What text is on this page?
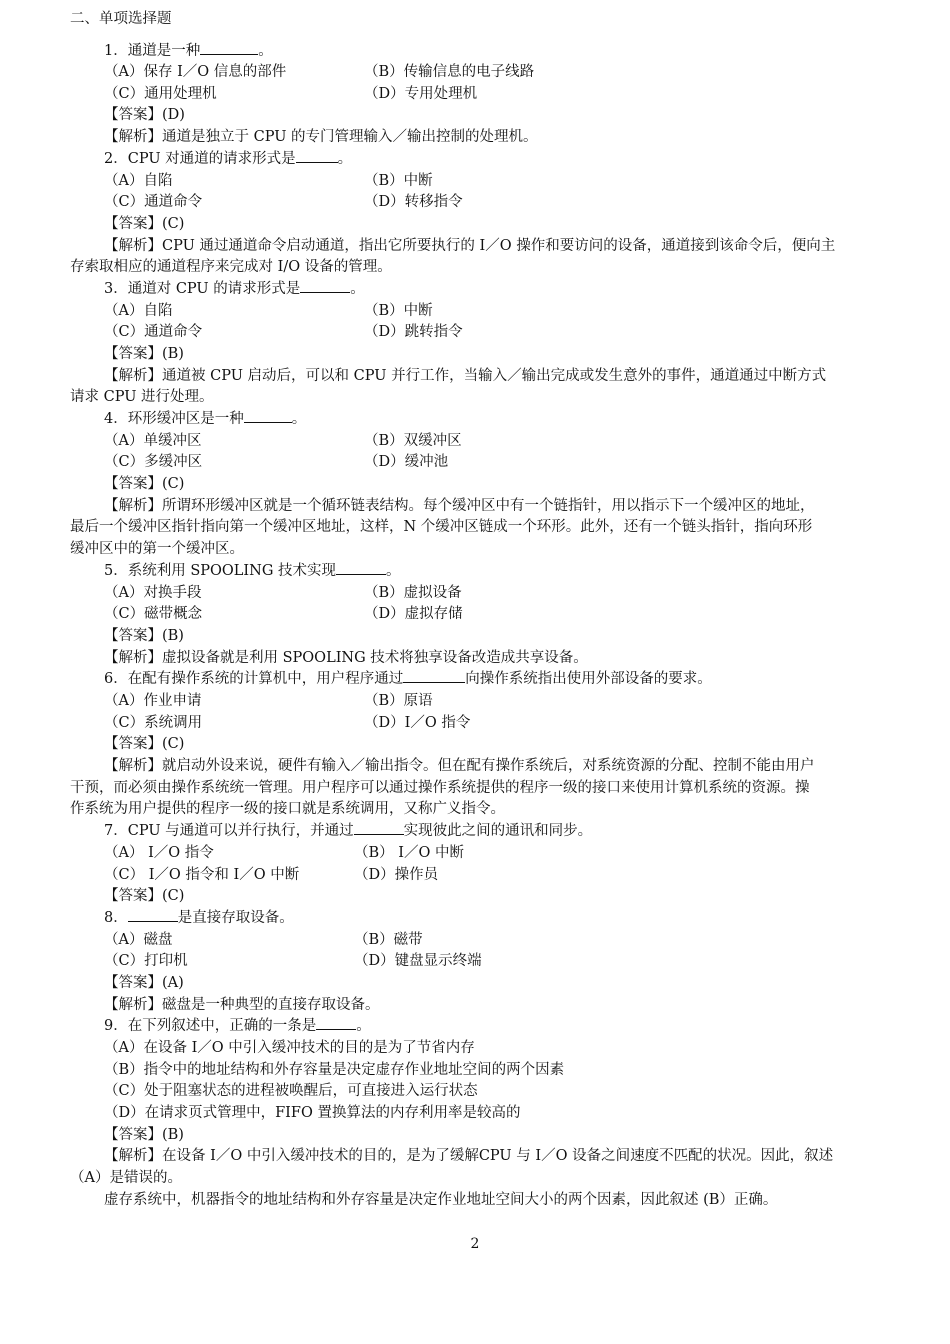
二、单项选择题
1．通道是一种	。
（A）保存 I／O 信息的部件	（B）传输信息的电子线路
（C）通用处理机	（D）专用处理机
【答案】(D)
【解析】通道是独立于 CPU 的专门管理输入／输出控制的处理机。
2．CPU 对通道的请求形式是	。
（A）自陷	（B）中断
（C）通道命令	（D）转移指令
【答案】(C)
【解析】CPU 通过通道命令启动通道，指出它所要执行的 I／O 操作和要访问的设备，通道接到该命令后，便向主
存索取相应的通道程序来完成对 I/O 设备的管理。
3．通道对 CPU 的请求形式是	。
（A）自陷	（B）中断
（C）通道命令	（D）跳转指令
【答案】(B)
【解析】通道被 CPU 启动后，可以和 CPU 并行工作，当输入／输出完成或发生意外的事件，通道通过中断方式
请求 CPU 进行处理。
4．环形缓冲区是一种	。
（A）单缓冲区	（B）双缓冲区
（C）多缓冲区	（D）缓冲池
【答案】(C)
【解析】所谓环形缓冲区就是一个循环链表结构。每个缓冲区中有一个链指针，用以指示下一个缓冲区的地址，
最后一个缓冲区指针指向第一个缓冲区地址，这样，N 个缓冲区链成一个环形。此外，还有一个链头指针，指向环形
缓冲区中的第一个缓冲区。
5．系统利用 SPOOLING 技术实现	。
（A）对换手段	（B）虚拟设备
（C）磁带概念	（D）虚拟存储
【答案】(B)
【解析】虚拟设备就是利用 SPOOLING 技术将独享设备改造成共享设备。
6．在配有操作系统的计算机中，用户程序通过	向操作系统指出使用外部设备的要求。
（A）作业申请	（B）原语
（C）系统调用	（D）I／O 指令
【答案】(C)
【解析】就启动外设来说，硬件有输入／输出指令。但在配有操作系统后，对系统资源的分配、控制不能由用户
干预，而必须由操作系统统一管理。用户程序可以通过操作系统提供的程序一级的接口来使用计算机系统的资源。操
作系统为用户提供的程序一级的接口就是系统调用，又称广义指令。
7．CPU 与通道可以并行执行，并通过	实现彼此之间的通讯和同步。
（A） I／O 指令	（B） I／O 中断
（C） I／O 指令和 I／O 中断	（D）操作员
【答案】(C)
8．	是直接存取设备。
（A）磁盘	（B）磁带
（C）打印机	（D）键盘显示终端
【答案】(A)
【解析】磁盘是一种典型的直接存取设备。
9．在下列叙述中，正确的一条是	。
（A）在设备 I／O 中引入缓冲技术的目的是为了节省内存
（B）指令中的地址结构和外存容量是决定虚存作业地址空间的两个因素
（C）处于阻塞状态的进程被唤醒后，可直接进入运行状态
（D）在请求页式管理中，FIFO 置换算法的内存利用率是较高的
【答案】(B)
【解析】在设备 I／O 中引入缓冲技术的目的，是为了缓解CPU 与 I／O 设备之间速度不匹配的状况。因此，叙述
（A）是错误的。
虚存系统中，机器指令的地址结构和外存容量是决定作业地址空间大小的两个因素，因此叙述 (B）正确。
2
